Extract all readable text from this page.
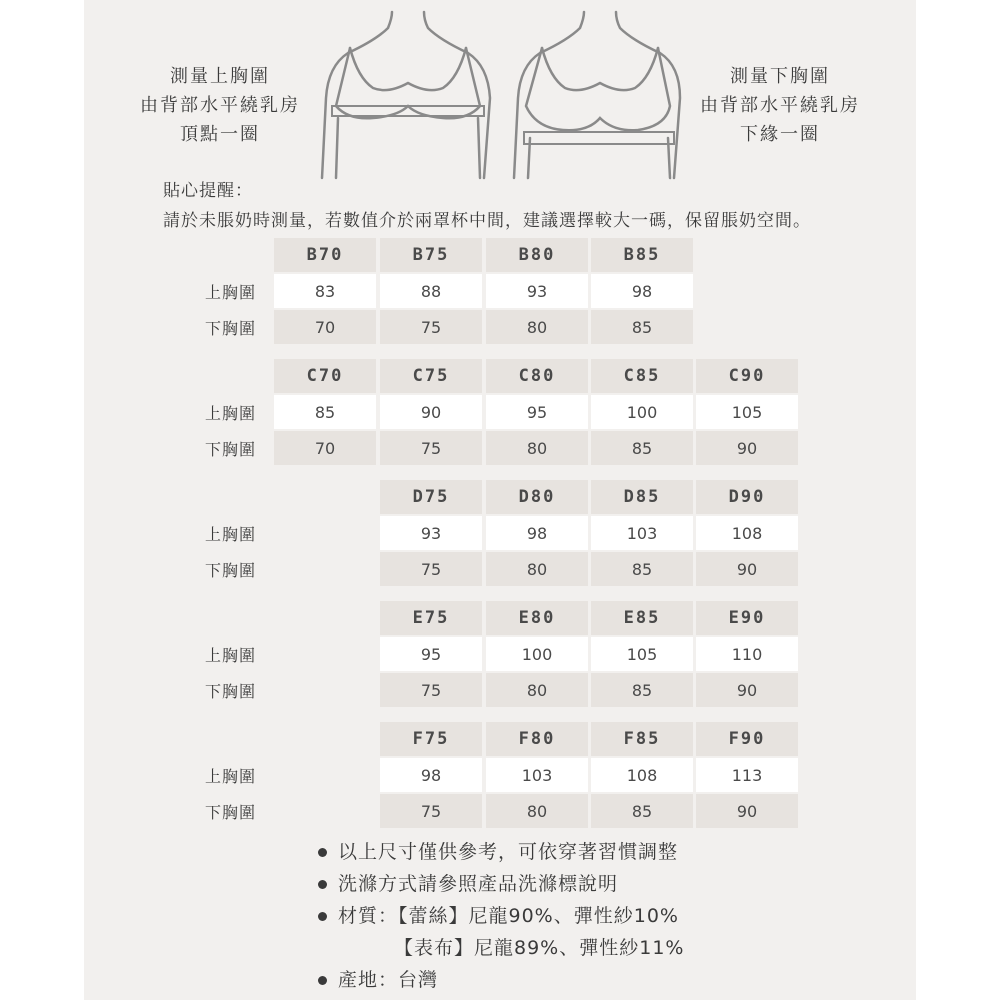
測量上胸圍
由背部水平繞乳房
頂點一圈
測量下胸圍
由背部水平繞乳房
下緣一圈
貼心提醒：
請於未脹奶時測量，若數值介於兩罩杯中間，建議選擇較大一碼，保留脹奶空間。
上胸圍
下胸圍
B70
83
70
B75
88
75
B80
93
80
B85
98
85
上胸圍
下胸圍
C70
85
70
C75
90
75
C80
95
80
C85
100
85
C90
105
90
上胸圍
下胸圍
D75
93
75
D80
98
80
D85
103
85
D90
108
90
上胸圍
下胸圍
E75
95
75
E80
100
80
E85
105
85
E90
110
90
上胸圍
下胸圍
F75
98
75
F80
103
80
F85
108
85
F90
113
90
以上尺寸僅供參考，可依穿著習慣調整
洗滌方式請參照產品洗滌標說明
材質：【蕾絲】尼龍90%、彈性紗10%
【表布】尼龍89%、彈性紗11%
產地：台灣
